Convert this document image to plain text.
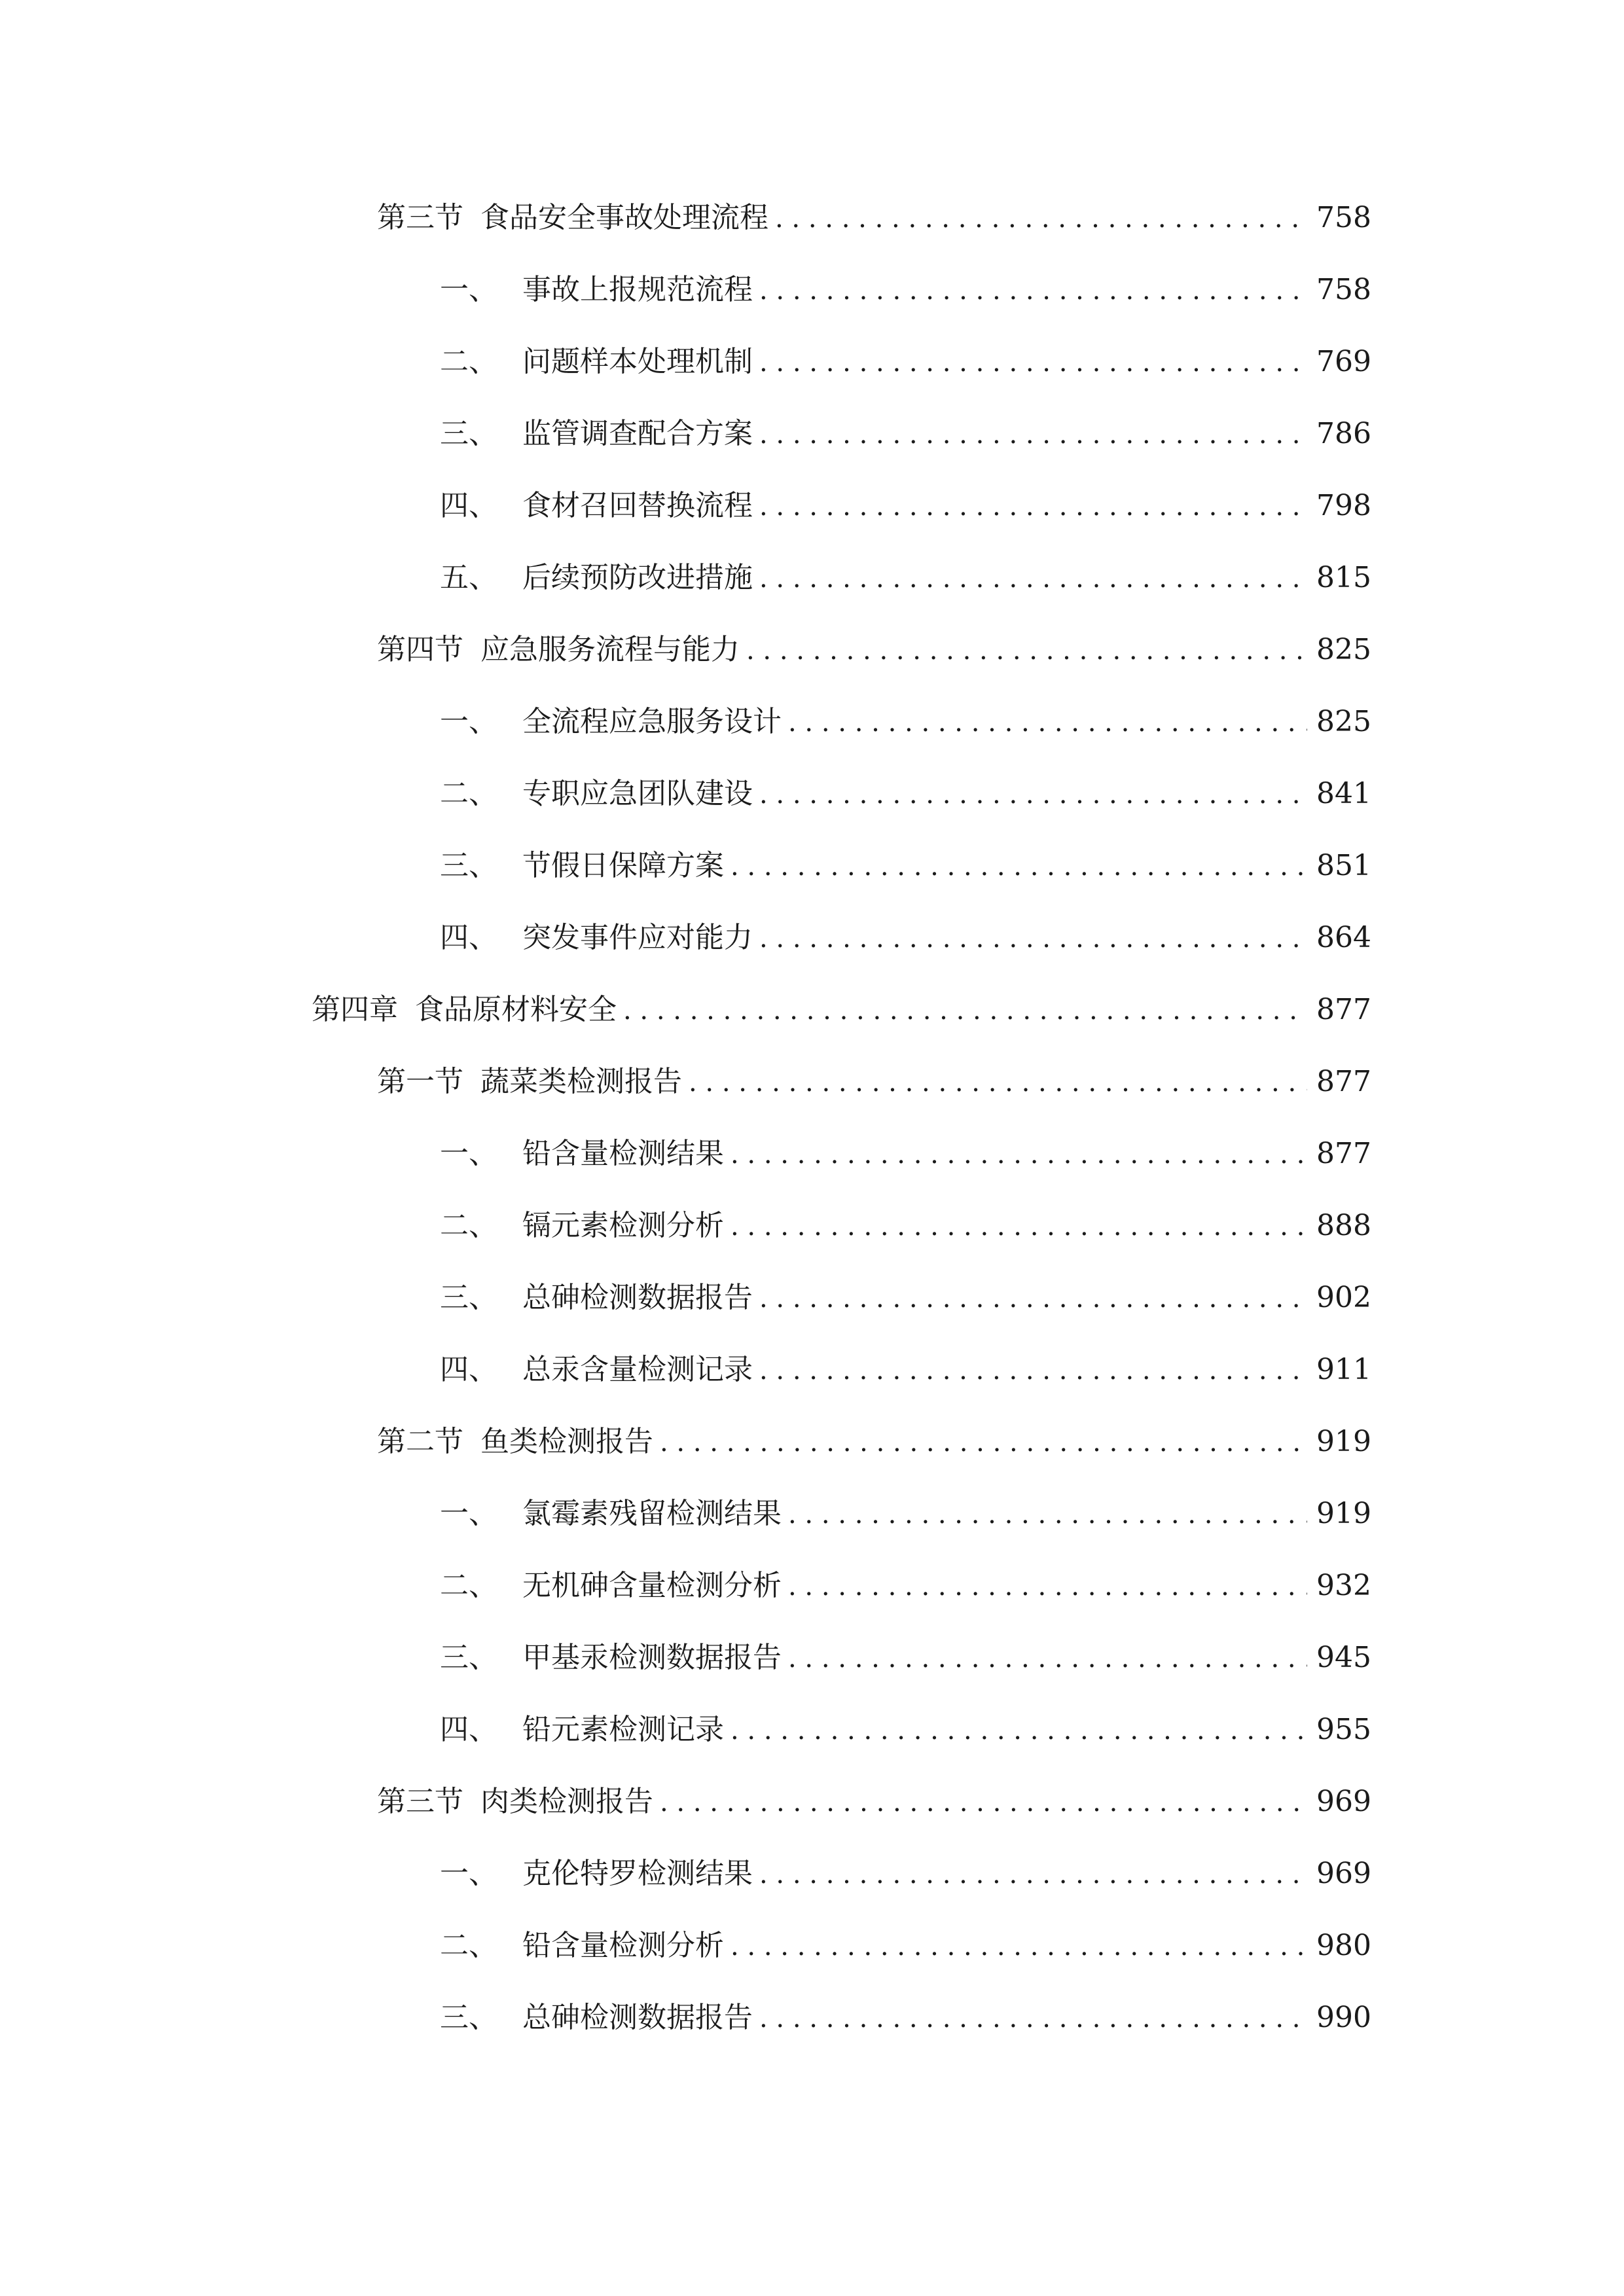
第三节 食品安全事故处理流程 . . .	758
一、 事故上报规范流程 . . .	758
二、 问题样本处理机制 . . .	769
三、 监管调查配合方案 . . .	786
四、 食材召回替换流程 . . .	798
五、 后续预防改进措施 . . .	815
第四节 应急服务流程与能力 . . .	825
一、 全流程应急服务设计 . . .	825
二、 专职应急团队建设 . . .	841
三、 节假日保障方案 . . .	851
四、 突发事件应对能力 . . .	864
第四章 食品原材料安全 . . .	877
第一节 蔬菜类检测报告 . . .	877
一、 铅含量检测结果 . . .	877
二、 镉元素检测分析 . . .	888
三、 总砷检测数据报告 . . .	902
四、 总汞含量检测记录 . . .	911
第二节 鱼类检测报告 . . .	919
一、 氯霉素残留检测结果 . . .	919
二、 无机砷含量检测分析 . . .	932
三、 甲基汞检测数据报告 . . .	945
四、 铅元素检测记录 . . .	955
第三节 肉类检测报告 . . .	969
一、 克伦特罗检测结果 . . .	969
二、 铅含量检测分析 . . .	980
三、 总砷检测数据报告 . . .	990
